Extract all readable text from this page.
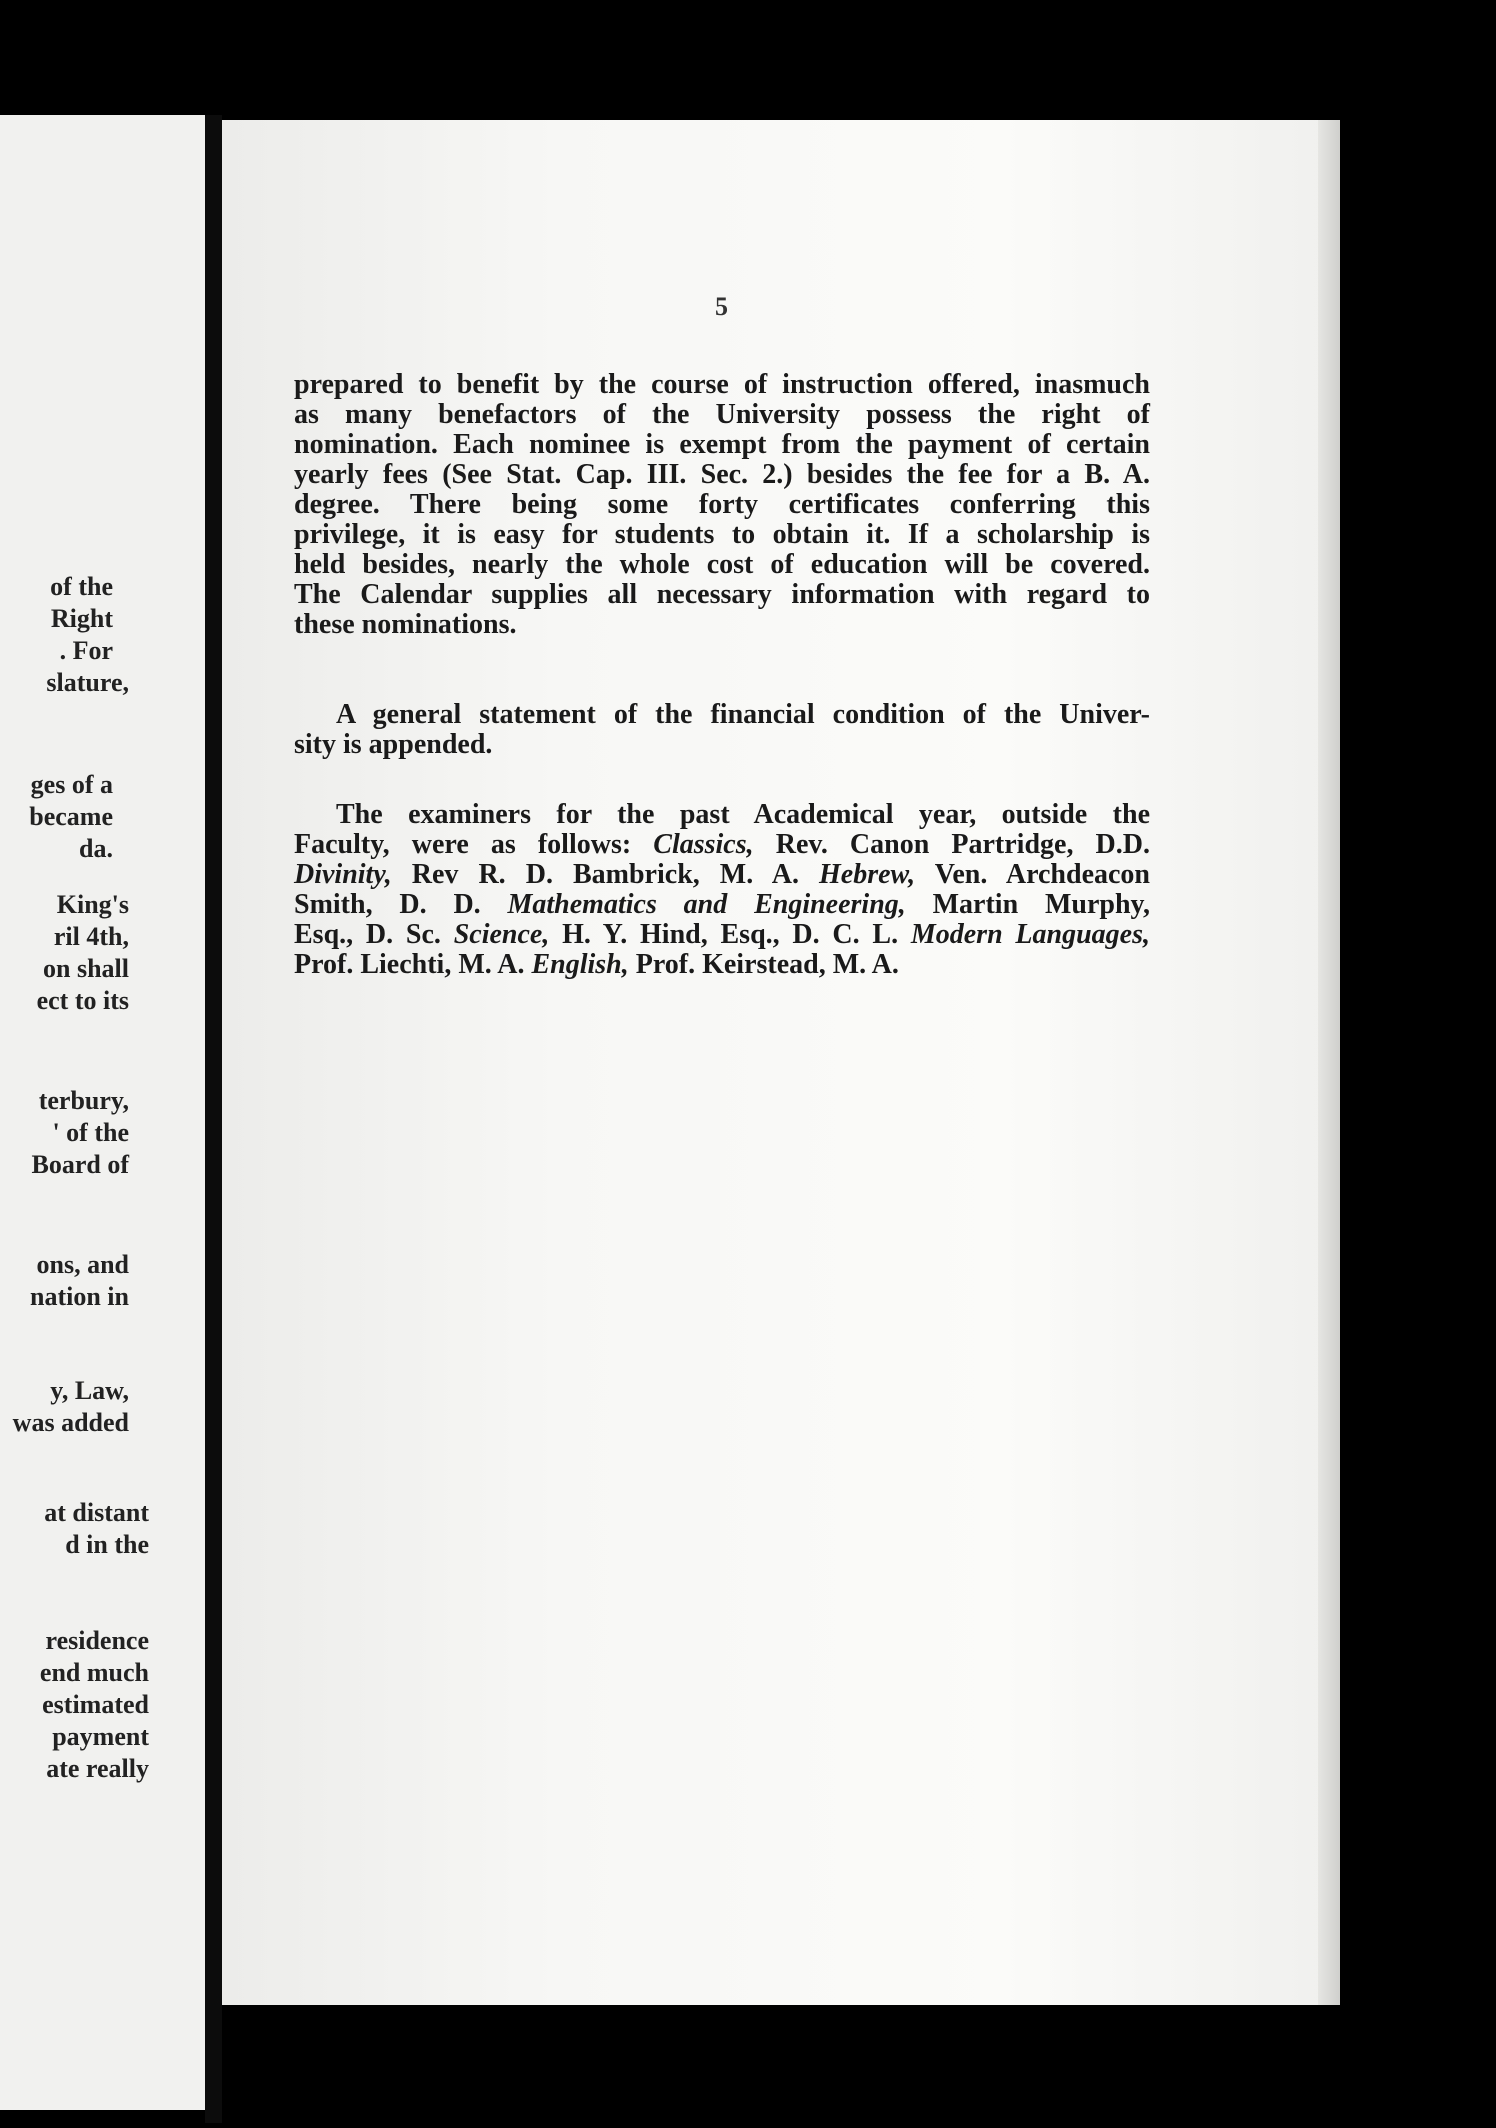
of the
Right
. For
slature,
ges of a
became
da.
King's
ril 4th,
on shall
ect to its
terbury,
' of the
Board of
ons, and
nation in
y, Law,
was added
at distant
d in the
residence
end much
estimated
payment
ate really
5
prepared to benefit by the course of instruction offered, inasmuch
as many benefactors of the University possess the right of
nomination. Each nominee is exempt from the payment of certain
yearly fees (See Stat. Cap. III. Sec. 2.) besides the fee for a B. A.
degree. There being some forty certificates conferring this
privilege, it is easy for students to obtain it. If a scholarship is
held besides, nearly the whole cost of education will be covered.
The Calendar supplies all necessary information with regard to
these nominations.
A general statement of the financial condition of the Univer-
sity is appended.
The examiners for the past Academical year, outside the
Faculty, were as follows: Classics, Rev. Canon Partridge, D.D.
Divinity, Rev R. D. Bambrick, M. A. Hebrew, Ven. Archdeacon
Smith, D. D. Mathematics and Engineering, Martin Murphy,
Esq., D. Sc. Science, H. Y. Hind, Esq., D. C. L. Modern Languages,
Prof. Liechti, M. A. English, Prof. Keirstead, M. A.
